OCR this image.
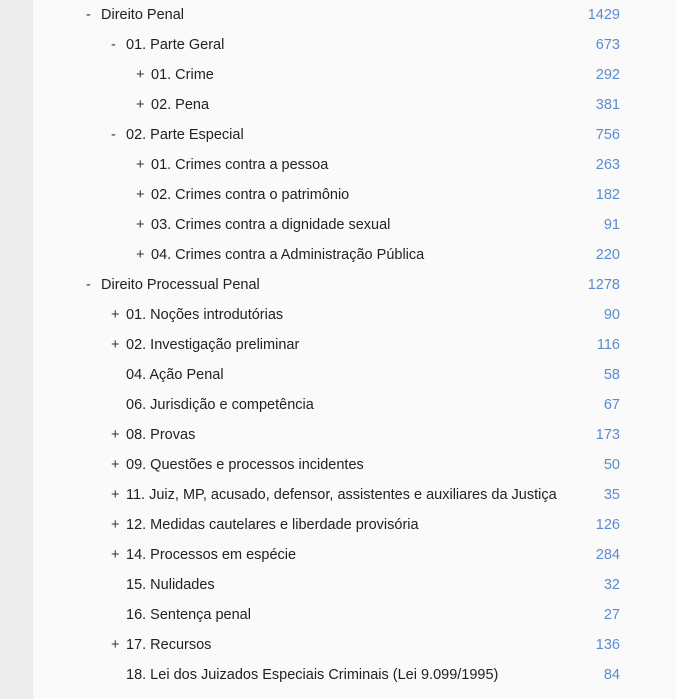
- Direito Penal	1429
- 01. Parte Geral	673
+ 01. Crime	292
+ 02. Pena	381
- 02. Parte Especial	756
+ 01. Crimes contra a pessoa	263
+ 02. Crimes contra o patrimônio	182
+ 03. Crimes contra a dignidade sexual	91
+ 04. Crimes contra a Administração Pública	220
- Direito Processual Penal	1278
+ 01. Noções introdutórias	90
+ 02. Investigação preliminar	116
04. Ação Penal	58
06. Jurisdição e competência	67
+ 08. Provas	173
+ 09. Questões e processos incidentes	50
+ 11. Juiz, MP, acusado, defensor, assistentes e auxiliares da Justiça	35
+ 12. Medidas cautelares e liberdade provisória	126
+ 14. Processos em espécie	284
15. Nulidades	32
16. Sentença penal	27
+ 17. Recursos	136
18. Lei dos Juizados Especiais Criminais (Lei 9.099/1995)	84
